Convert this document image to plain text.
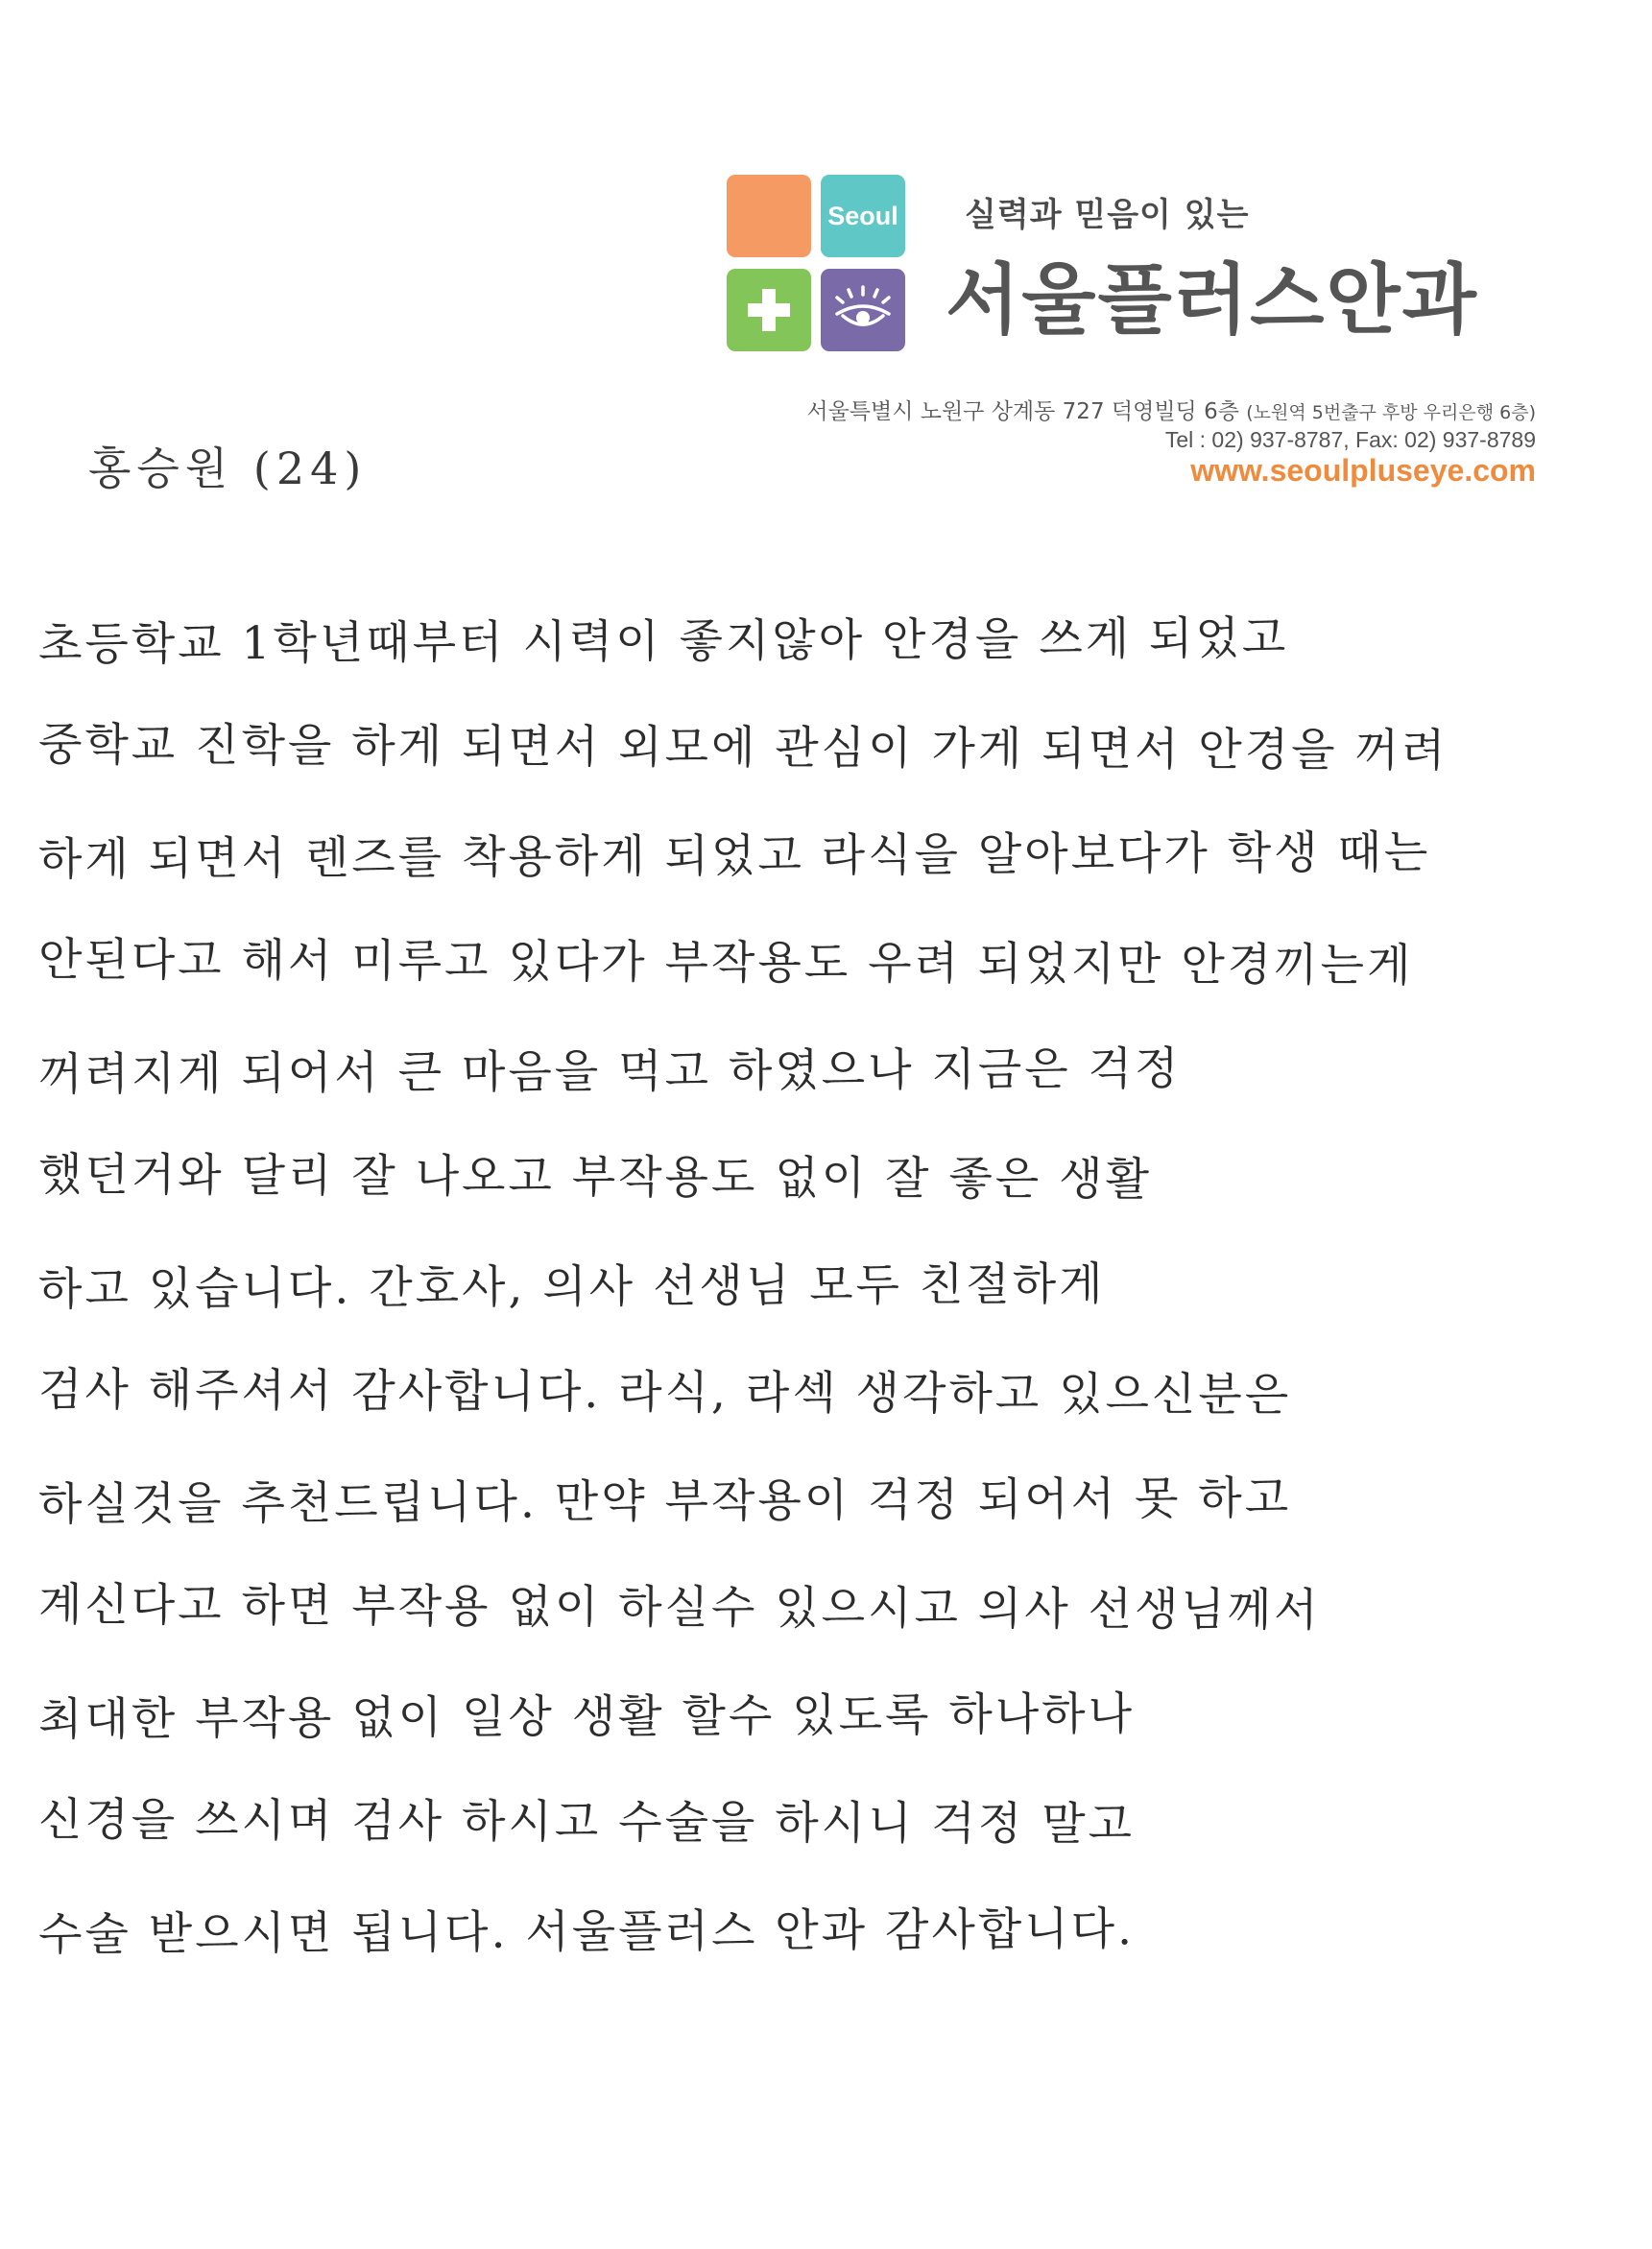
Seoul 실력과 믿음이 있는
서울플러스안과
서울특별시 노원구 상계동 727 덕영빌딩 6층 (노원역 5번출구 후방 우리은행 6층)
Tel : 02) 937-8787, Fax: 02) 937-8789
www.seoulpluseye.com
홍승원 (24)
초등학교 1학년때부터 시력이 좋지않아 안경을 쓰게 되었고
중학교 진학을 하게 되면서 외모에 관심이 가게 되면서 안경을 꺼려
하게 되면서 렌즈를 착용하게 되었고 라식을 알아보다가 학생 때는
안된다고 해서 미루고 있다가 부작용도 우려 되었지만 안경끼는게
꺼려지게 되어서 큰 마음을 먹고 하였으나 지금은 걱정
했던거와 달리 잘 나오고 부작용도 없이 잘 좋은 생활
하고 있습니다. 간호사, 의사 선생님 모두 친절하게
검사 해주셔서 감사합니다. 라식, 라섹 생각하고 있으신분은
하실것을 추천드립니다. 만약 부작용이 걱정 되어서 못 하고
계신다고 하면 부작용 없이 하실수 있으시고 의사 선생님께서
최대한 부작용 없이 일상 생활 할수 있도록 하나하나
신경을 쓰시며 검사 하시고 수술을 하시니 걱정 말고
수술 받으시면 됩니다. 서울플러스 안과 감사합니다.
